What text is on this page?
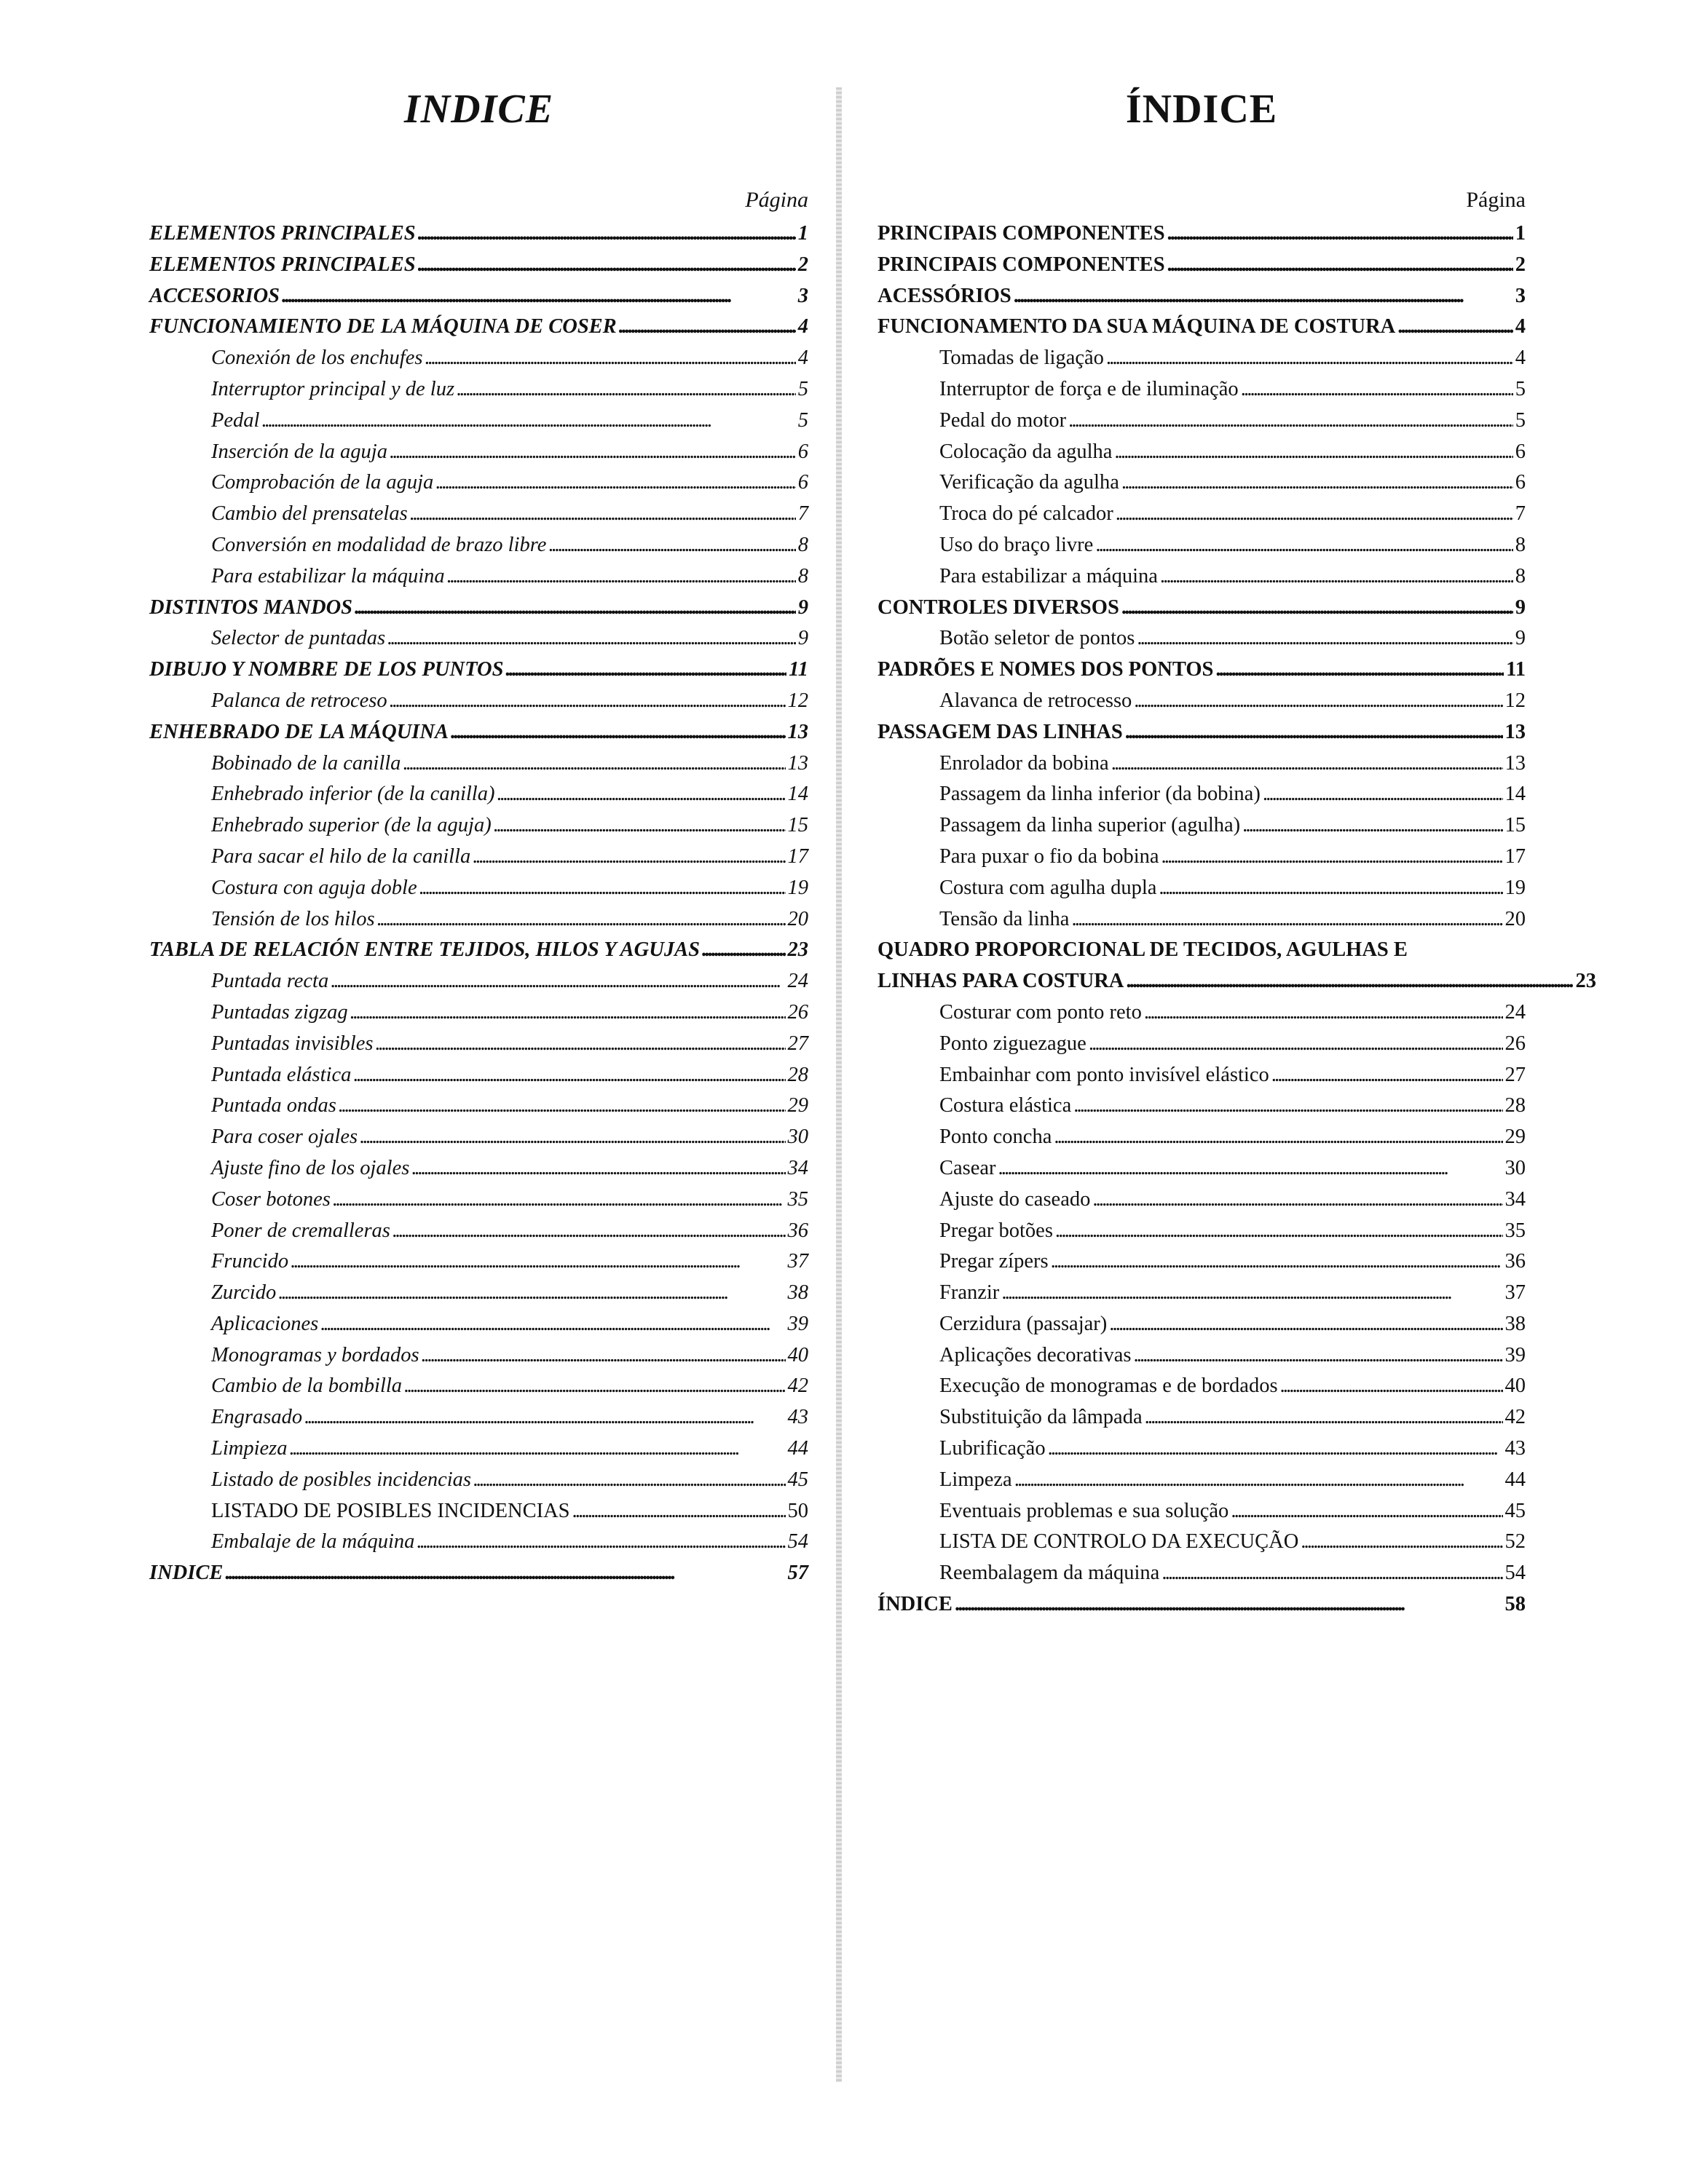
INDICE
Página
ELEMENTOS PRINCIPALES . . .	1
ELEMENTOS PRINCIPALES . . .	2
ACCESORIOS . . .	3
FUNCIONAMIENTO DE LA MÁQUINA DE COSER . . .	4
Conexión de los enchufes . . .	4
Interruptor principal y de luz . . .	5
Pedal . . .	5
Inserción de la aguja . . .	6
Comprobación de la aguja . . .	6
Cambio del prensatelas . . .	7
Conversión en modalidad de brazo libre . . .	8
Para estabilizar la máquina . . .	8
DISTINTOS MANDOS . . .	9
Selector de puntadas . . .	9
DIBUJO Y NOMBRE DE LOS PUNTOS . . .	11
Palanca de retroceso . . .	12
ENHEBRADO DE LA MÁQUINA . . .	13
Bobinado de la canilla . . .	13
Enhebrado inferior (de la canilla) . . .	14
Enhebrado superior (de la aguja) . . .	15
Para sacar el hilo de la canilla . . .	17
Costura con aguja doble . . .	19
Tensión de los hilos . . .	20
TABLA DE RELACIÓN ENTRE TEJIDOS, HILOS Y AGUJAS . . .	23
Puntada recta . . .	24
Puntadas zigzag . . .	26
Puntadas invisibles . . .	27
Puntada elástica . . .	28
Puntada ondas . . .	29
Para coser ojales . . .	30
Ajuste fino de los ojales . . .	34
Coser botones . . .	35
Poner de cremalleras . . .	36
Fruncido . . .	37
Zurcido . . .	38
Aplicaciones . . .	39
Monogramas y bordados . . .	40
Cambio de la bombilla . . .	42
Engrasado . . .	43
Limpieza . . .	44
Listado de posibles incidencias . . .	45
LISTADO DE POSIBLES INCIDENCIAS . . .	50
Embalaje de la máquina . . .	54
INDICE . . .	57
ÍNDICE
Página
PRINCIPAIS COMPONENTES . . .	1
PRINCIPAIS COMPONENTES . . .	2
ACESSÓRIOS . . .	3
FUNCIONAMENTO DA SUA MÁQUINA DE COSTURA . . .	4
Tomadas de ligação . . .	4
Interruptor de força e de iluminação . . .	5
Pedal do motor . . .	5
Colocação da agulha . . .	6
Verificação da agulha . . .	6
Troca do pé calcador . . .	7
Uso do braço livre . . .	8
Para estabilizar a máquina . . .	8
CONTROLES DIVERSOS . . .	9
Botão seletor de pontos . . .	9
PADRÕES E NOMES DOS PONTOS . . .	11
Alavanca de retrocesso . . .	12
PASSAGEM DAS LINHAS . . .	13
Enrolador da bobina . . .	13
Passagem da linha inferior (da bobina) . . .	14
Passagem da linha superior (agulha) . . .	15
Para puxar o fio da bobina . . .	17
Costura com agulha dupla . . .	19
Tensão da linha . . .	20
QUADRO PROPORCIONAL DE TECIDOS, AGULHAS E
LINHAS PARA COSTURA . . .	23
Costurar com ponto reto . . .	24
Ponto ziguezague . . .	26
Embainhar com ponto invisível elástico . . .	27
Costura elástica . . .	28
Ponto concha . . .	29
Casear . . .	30
Ajuste do caseado . . .	34
Pregar botões . . .	35
Pregar zípers . . .	36
Franzir . . .	37
Cerzidura (passajar) . . .	38
Aplicações decorativas . . .	39
Execução de monogramas e de bordados . . .	40
Substituição da lâmpada . . .	42
Lubrificação . . .	43
Limpeza . . .	44
Eventuais problemas e sua solução . . .	45
LISTA DE CONTROLO DA EXECUÇÃO . . .	52
Reembalagem da máquina . . .	54
ÍNDICE . . .	58
